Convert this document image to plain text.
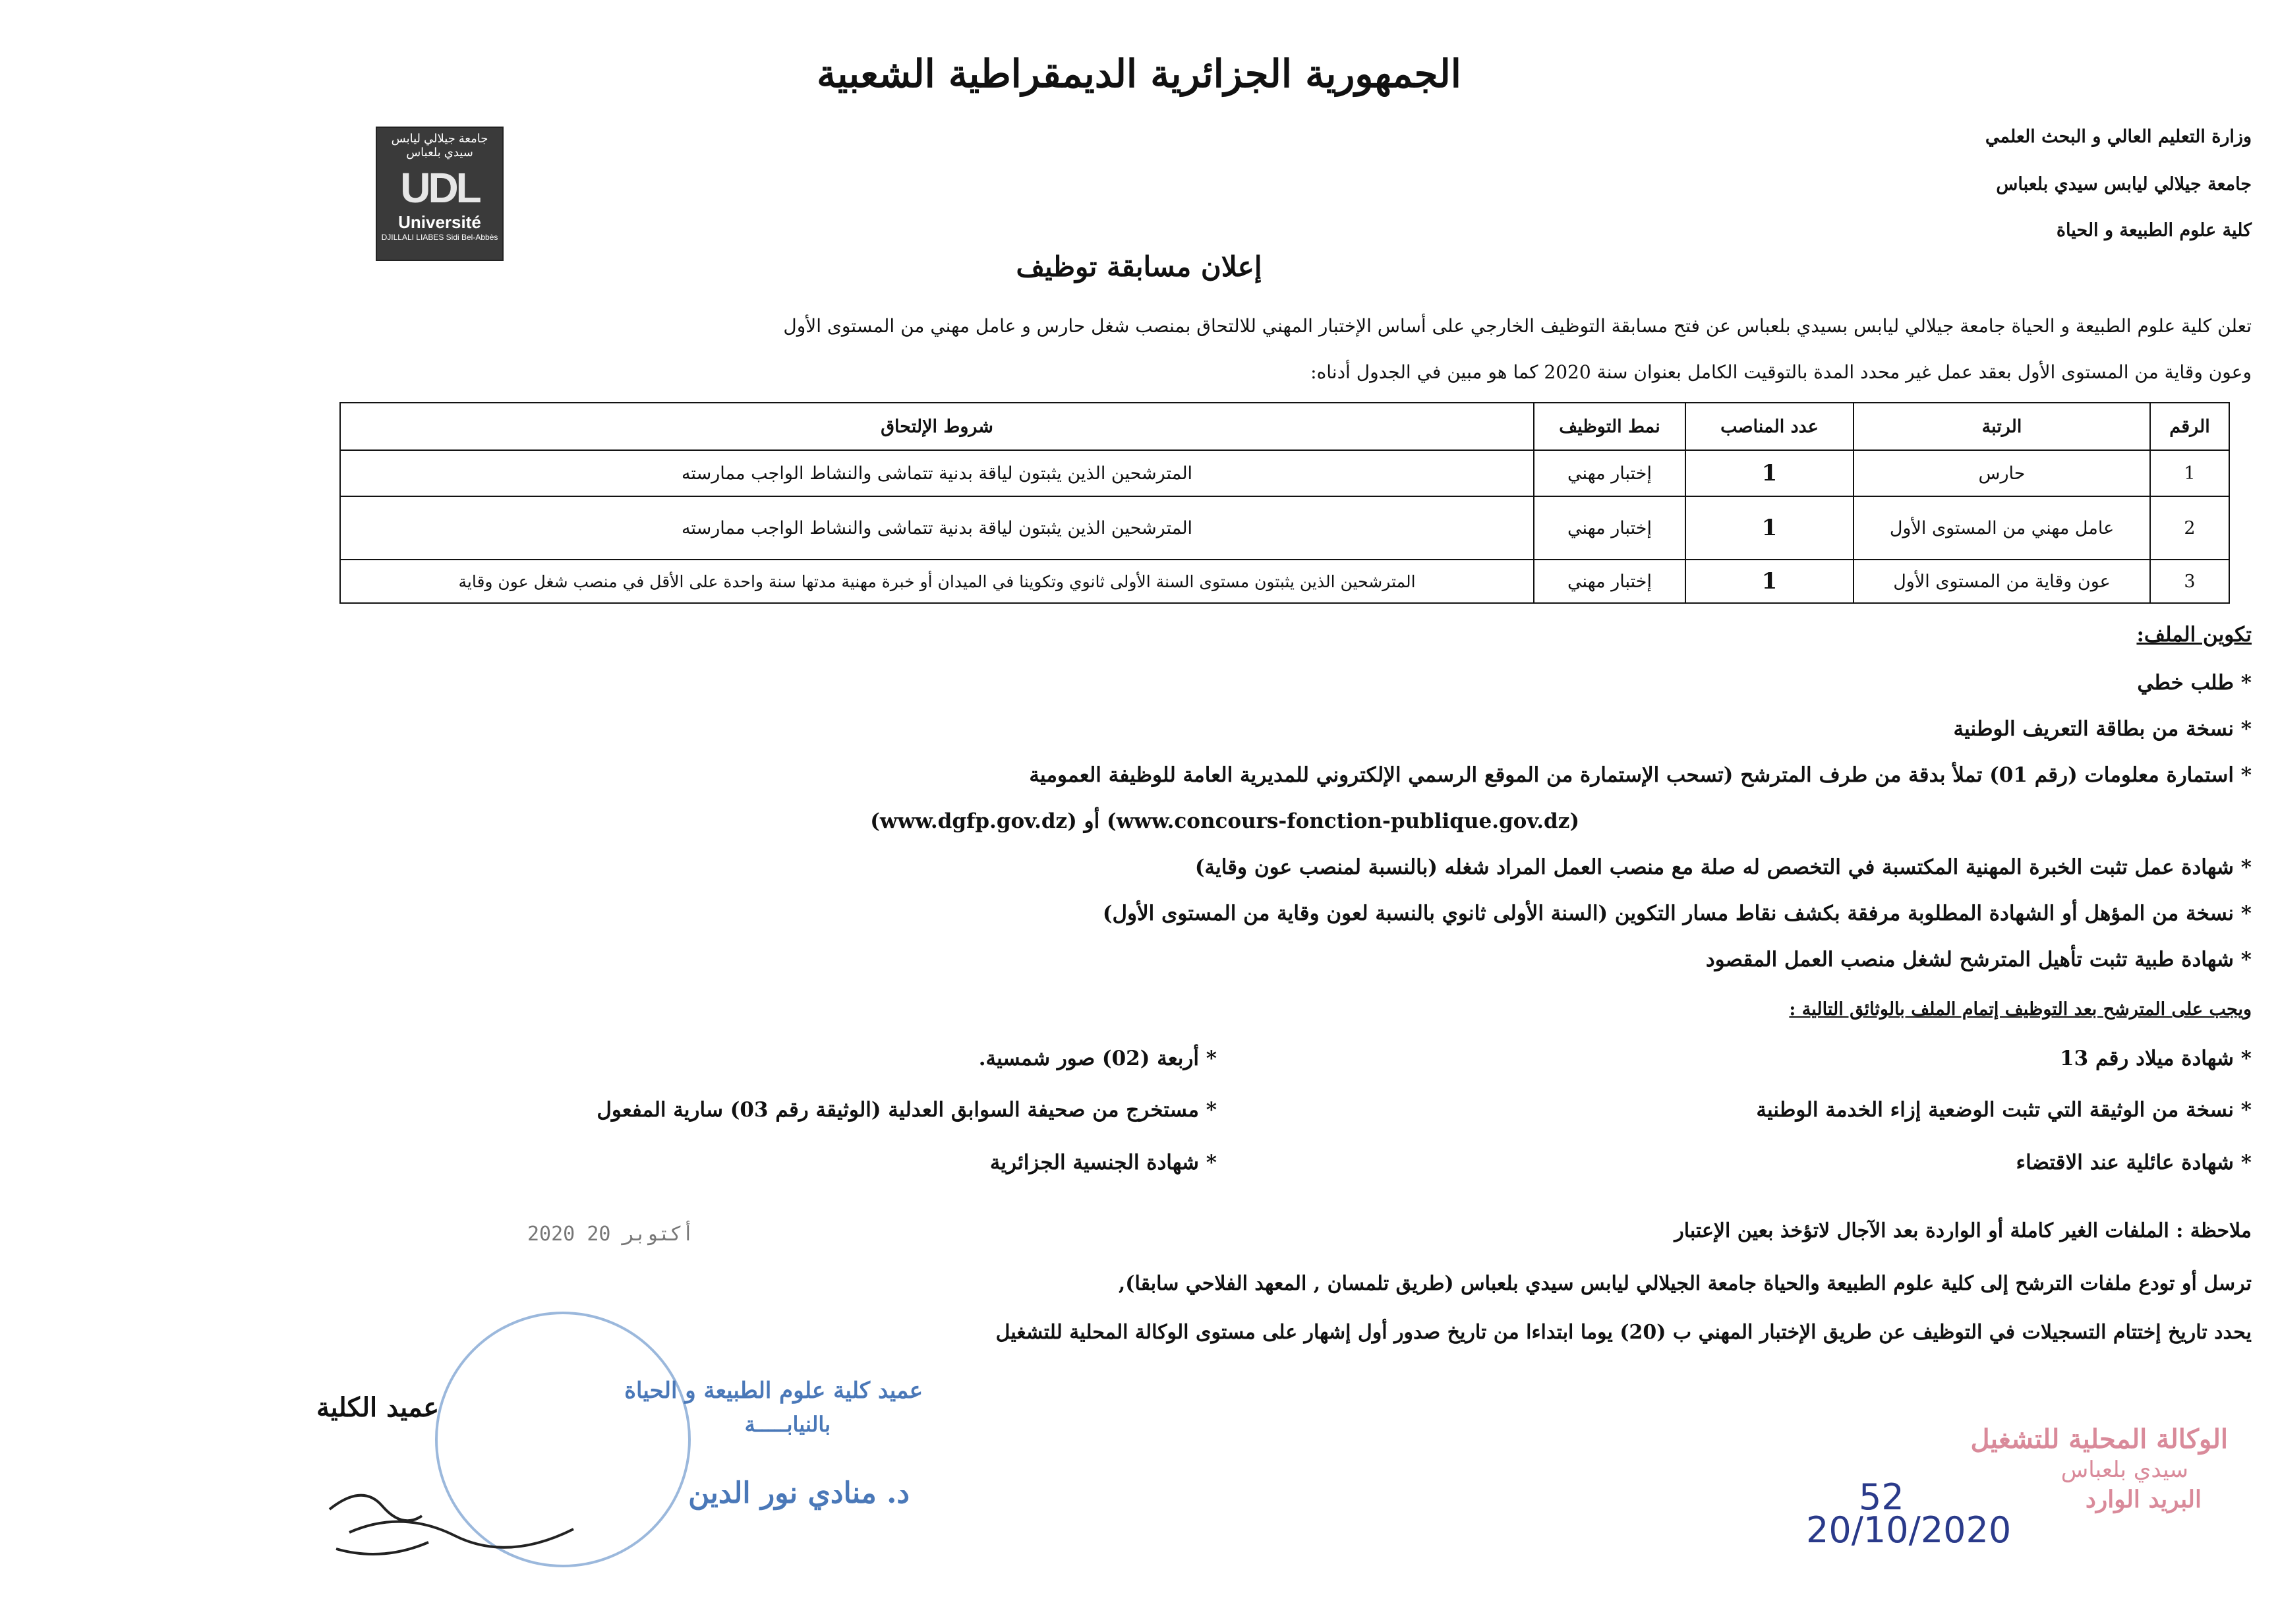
الجمهورية الجزائرية الديمقراطية الشعبية
وزارة التعليم العالي و البحث العلمي
جامعة جيلالي ليابس سيدي بلعباس
كلية علوم الطبيعة و الحياة
جامعة جيلالي ليابس سيدي بلعباس
UDL
Université
DJILLALI LIABES Sidi Bel-Abbès
إعلان مسابقة توظيف
تعلن كلية علوم الطبيعة و الحياة جامعة جيلالي ليابس بسيدي بلعباس عن فتح مسابقة التوظيف الخارجي على أساس الإختبار المهني للالتحاق بمنصب شغل حارس و عامل مهني من المستوى الأول
وعون وقاية من المستوى الأول بعقد عمل غير محدد المدة بالتوقيت الكامل بعنوان سنة 2020 كما هو مبين في الجدول أدناه:
الرقم	الرتبة	عدد المناصب	نمط التوظيف	شروط الإلتحاق
1	حارس	1	إختبار مهني	المترشحين الذين يثبتون لياقة بدنية تتماشى والنشاط الواجب ممارسته
2	عامل مهني من المستوى الأول	1	إختبار مهني	المترشحين الذين يثبتون لياقة بدنية تتماشى والنشاط الواجب ممارسته
3	عون وقاية من المستوى الأول	1	إختبار مهني	المترشحين الذين يثبتون مستوى السنة الأولى ثانوي وتكوينا في الميدان أو خبرة مهنية مدتها سنة واحدة على الأقل في منصب شغل عون وقاية
تكوين الملف:
* طلب خطي
* نسخة من بطاقة التعريف الوطنية
* استمارة معلومات (رقم 01) تملأ بدقة من طرف المترشح (تسحب الإستمارة من الموقع الرسمي الإلكتروني للمديرية العامة للوظيفة العمومية
(www.dgfp.gov.dz) أو (www.concours-fonction-publique.gov.dz)
* شهادة عمل تثبت الخبرة المهنية المكتسبة في التخصص له صلة مع منصب العمل المراد شغله (بالنسبة لمنصب عون وقاية)
* نسخة من المؤهل أو الشهادة المطلوبة مرفقة بكشف نقاط مسار التكوين (السنة الأولى ثانوي بالنسبة لعون وقاية من المستوى الأول)
* شهادة طبية تثبت تأهيل المترشح لشغل منصب العمل المقصود
ويجب على المترشح بعد التوظيف إتمام الملف بالوثائق التالية :
* شهادة ميلاد رقم 13
* نسخة من الوثيقة التي تثبت الوضعية إزاء الخدمة الوطنية
* شهادة عائلية عند الاقتضاء
* أربعة (02) صور شمسية.
* مستخرج من صحيفة السوابق العدلية (الوثيقة رقم 03) سارية المفعول
* شهادة الجنسية الجزائرية
2020 أكتوبر 20	ملاحظة : الملفات الغير كاملة أو الواردة بعد الآجال لاتؤخذ بعين الإعتبار
ترسل أو تودع ملفات الترشح إلى كلية علوم الطبيعة والحياة جامعة الجيلالي ليابس سيدي بلعباس (طريق تلمسان , المعهد الفلاحي سابقا),
يحدد تاريخ إختتام التسجيلات في التوظيف عن طريق الإختبار المهني ب (20) يوما ابتداءا من تاريخ صدور أول إشهار على مستوى الوكالة المحلية للتشغيل
عميد كلية علوم الطبيعة و الحياة
بالنيابـــــة
د. منادي نور الدين
عميد الكلية
الوكالة المحلية للتشغيل
سيدي بلعباس
البريد الوارد
52
20/10/2020
